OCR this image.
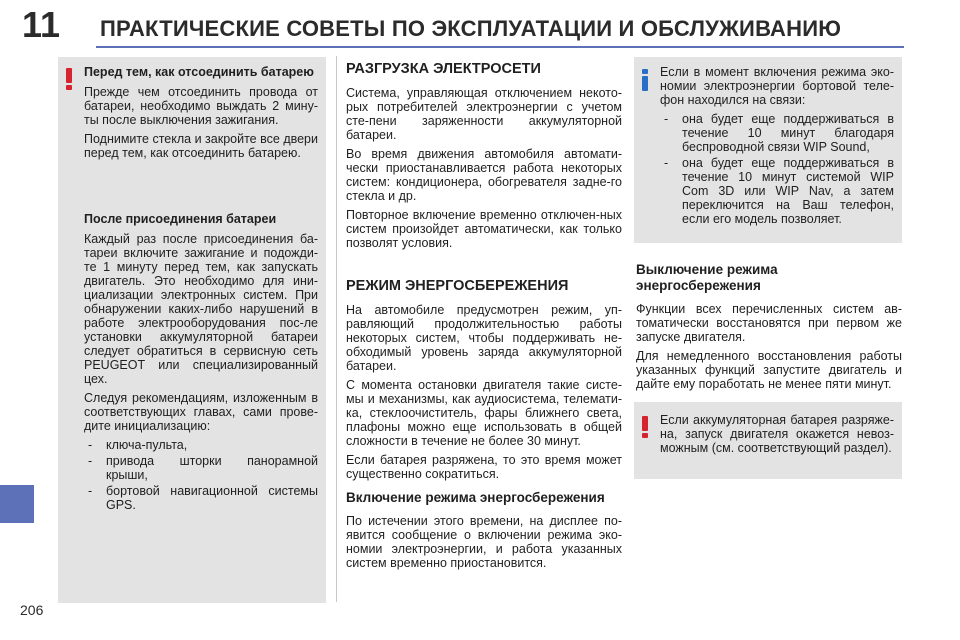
11 ПРАКТИЧЕСКИЕ СОВЕТЫ ПО ЭКСПЛУАТАЦИИ И ОБСЛУЖИВАНИЮ
206
Перед тем, как отсоединить батарею

Прежде чем отсоединить провода от батареи, необходимо выждать 2 мину-ты после выключения зажигания.

Поднимите стекла и закройте все двери перед тем, как отсоединить батарею.

После присоединения батареи

Каждый раз после присоединения ба-тареи включите зажигание и подожди-те 1 минуту перед тем, как запускать двигатель. Это необходимо для ини-циализации электронных систем. При обнаружении каких-либо нарушений в работе электрооборудования пос-ле установки аккумуляторной батареи следует обратиться в сервисную сеть PEUGEOT или специализированный цех.

Следуя рекомендациям, изложенным в соответствующих главах, сами прове-дите инициализацию:

- ключа-пульта,
- привода шторки панорамной крыши,
- бортовой навигационной системы GPS.
РАЗГРУЗКА ЭЛЕКТРОСЕТИ

Система, управляющая отключением некото-рых потребителей электроэнергии с учетом сте-пени заряженности аккумуляторной батареи.

Во время движения автомобиля автомати-чески приостанавливается работа некоторых систем: кондиционера, обогревателя задне-го стекла и др.

Повторное включение временно отключен-ных систем произойдет автоматически, как только позволят условия.

РЕЖИМ ЭНЕРГОСБЕРЕЖЕНИЯ

На автомобиле предусмотрен режим, уп-равляющий продолжительностью работы некоторых систем, чтобы поддерживать не-обходимый уровень заряда аккумуляторной батареи.

С момента остановки двигателя такие систе-мы и механизмы, как аудиосистема, телемати-ка, стеклоочиститель, фары ближнего света, плафоны можно еще использовать в общей сложности в течение не более 30 минут.

Если батарея разряжена, то это время может существенно сократиться.

Включение режима энергосбережения

По истечении этого времени, на дисплее по-явится сообщение о включении режима эко-номии электроэнергии, и работа указанных систем временно приостановится.

Если в момент включения режима эко-номии электроэнергии бортовой теле-фон находился на связи:

- она будет еще поддерживаться в течение 10 минут благодаря беспроводной связи WIP Sound,
- она будет еще поддерживаться в течение 10 минут системой WIP Com 3D или WIP Nav, а затем переключится на Ваш телефон, если его модель позволяет.
Выключение режима энергосбережения

Функции всех перечисленных систем ав-томатически восстановятся при первом же запуске двигателя.

Для немедленного восстановления работы указанных функций запустите двигатель и дайте ему поработать не менее пяти минут.

Если аккумуляторная батарея разряже-на, запуск двигателя окажется невоз-можным (см. соответствующий раздел).
